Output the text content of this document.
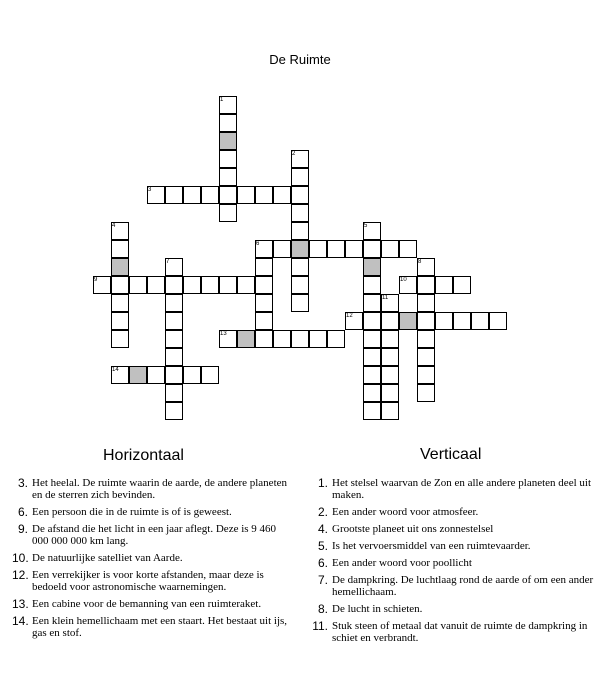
De Ruimte
1
2
3
4	5
6
7	8
9	10
11
12
13
14
Horizontaal	Verticaal
3. Het heelal. De ruimte waarin de aarde, de andere planeten en de sterren zich bevinden.
6. Een persoon die in de ruimte is of is geweest.
9. De afstand die het licht in een jaar aflegt. Deze is 9 460 000 000 000 km lang.
10. De natuurlijke satelliet van Aarde.
12. Een verrekijker is voor korte afstanden, maar deze is bedoeld voor astronomische waarnemingen.
13. Een cabine voor de bemanning van een ruimteraket.
14. Een klein hemellichaam met een staart. Het bestaat uit ijs, gas en stof.
1. Het stelsel waarvan de Zon en alle andere planeten deel uit maken.
2. Een ander woord voor atmosfeer.
4. Grootste planeet uit ons zonnestelsel
5. Is het vervoersmiddel van een ruimtevaarder.
6. Een ander woord voor poollicht
7. De dampkring. De luchtlaag rond de aarde of om een ander hemellichaam.
8. De lucht in schieten.
11. Stuk steen of metaal dat vanuit de ruimte de dampkring in schiet en verbrandt.
